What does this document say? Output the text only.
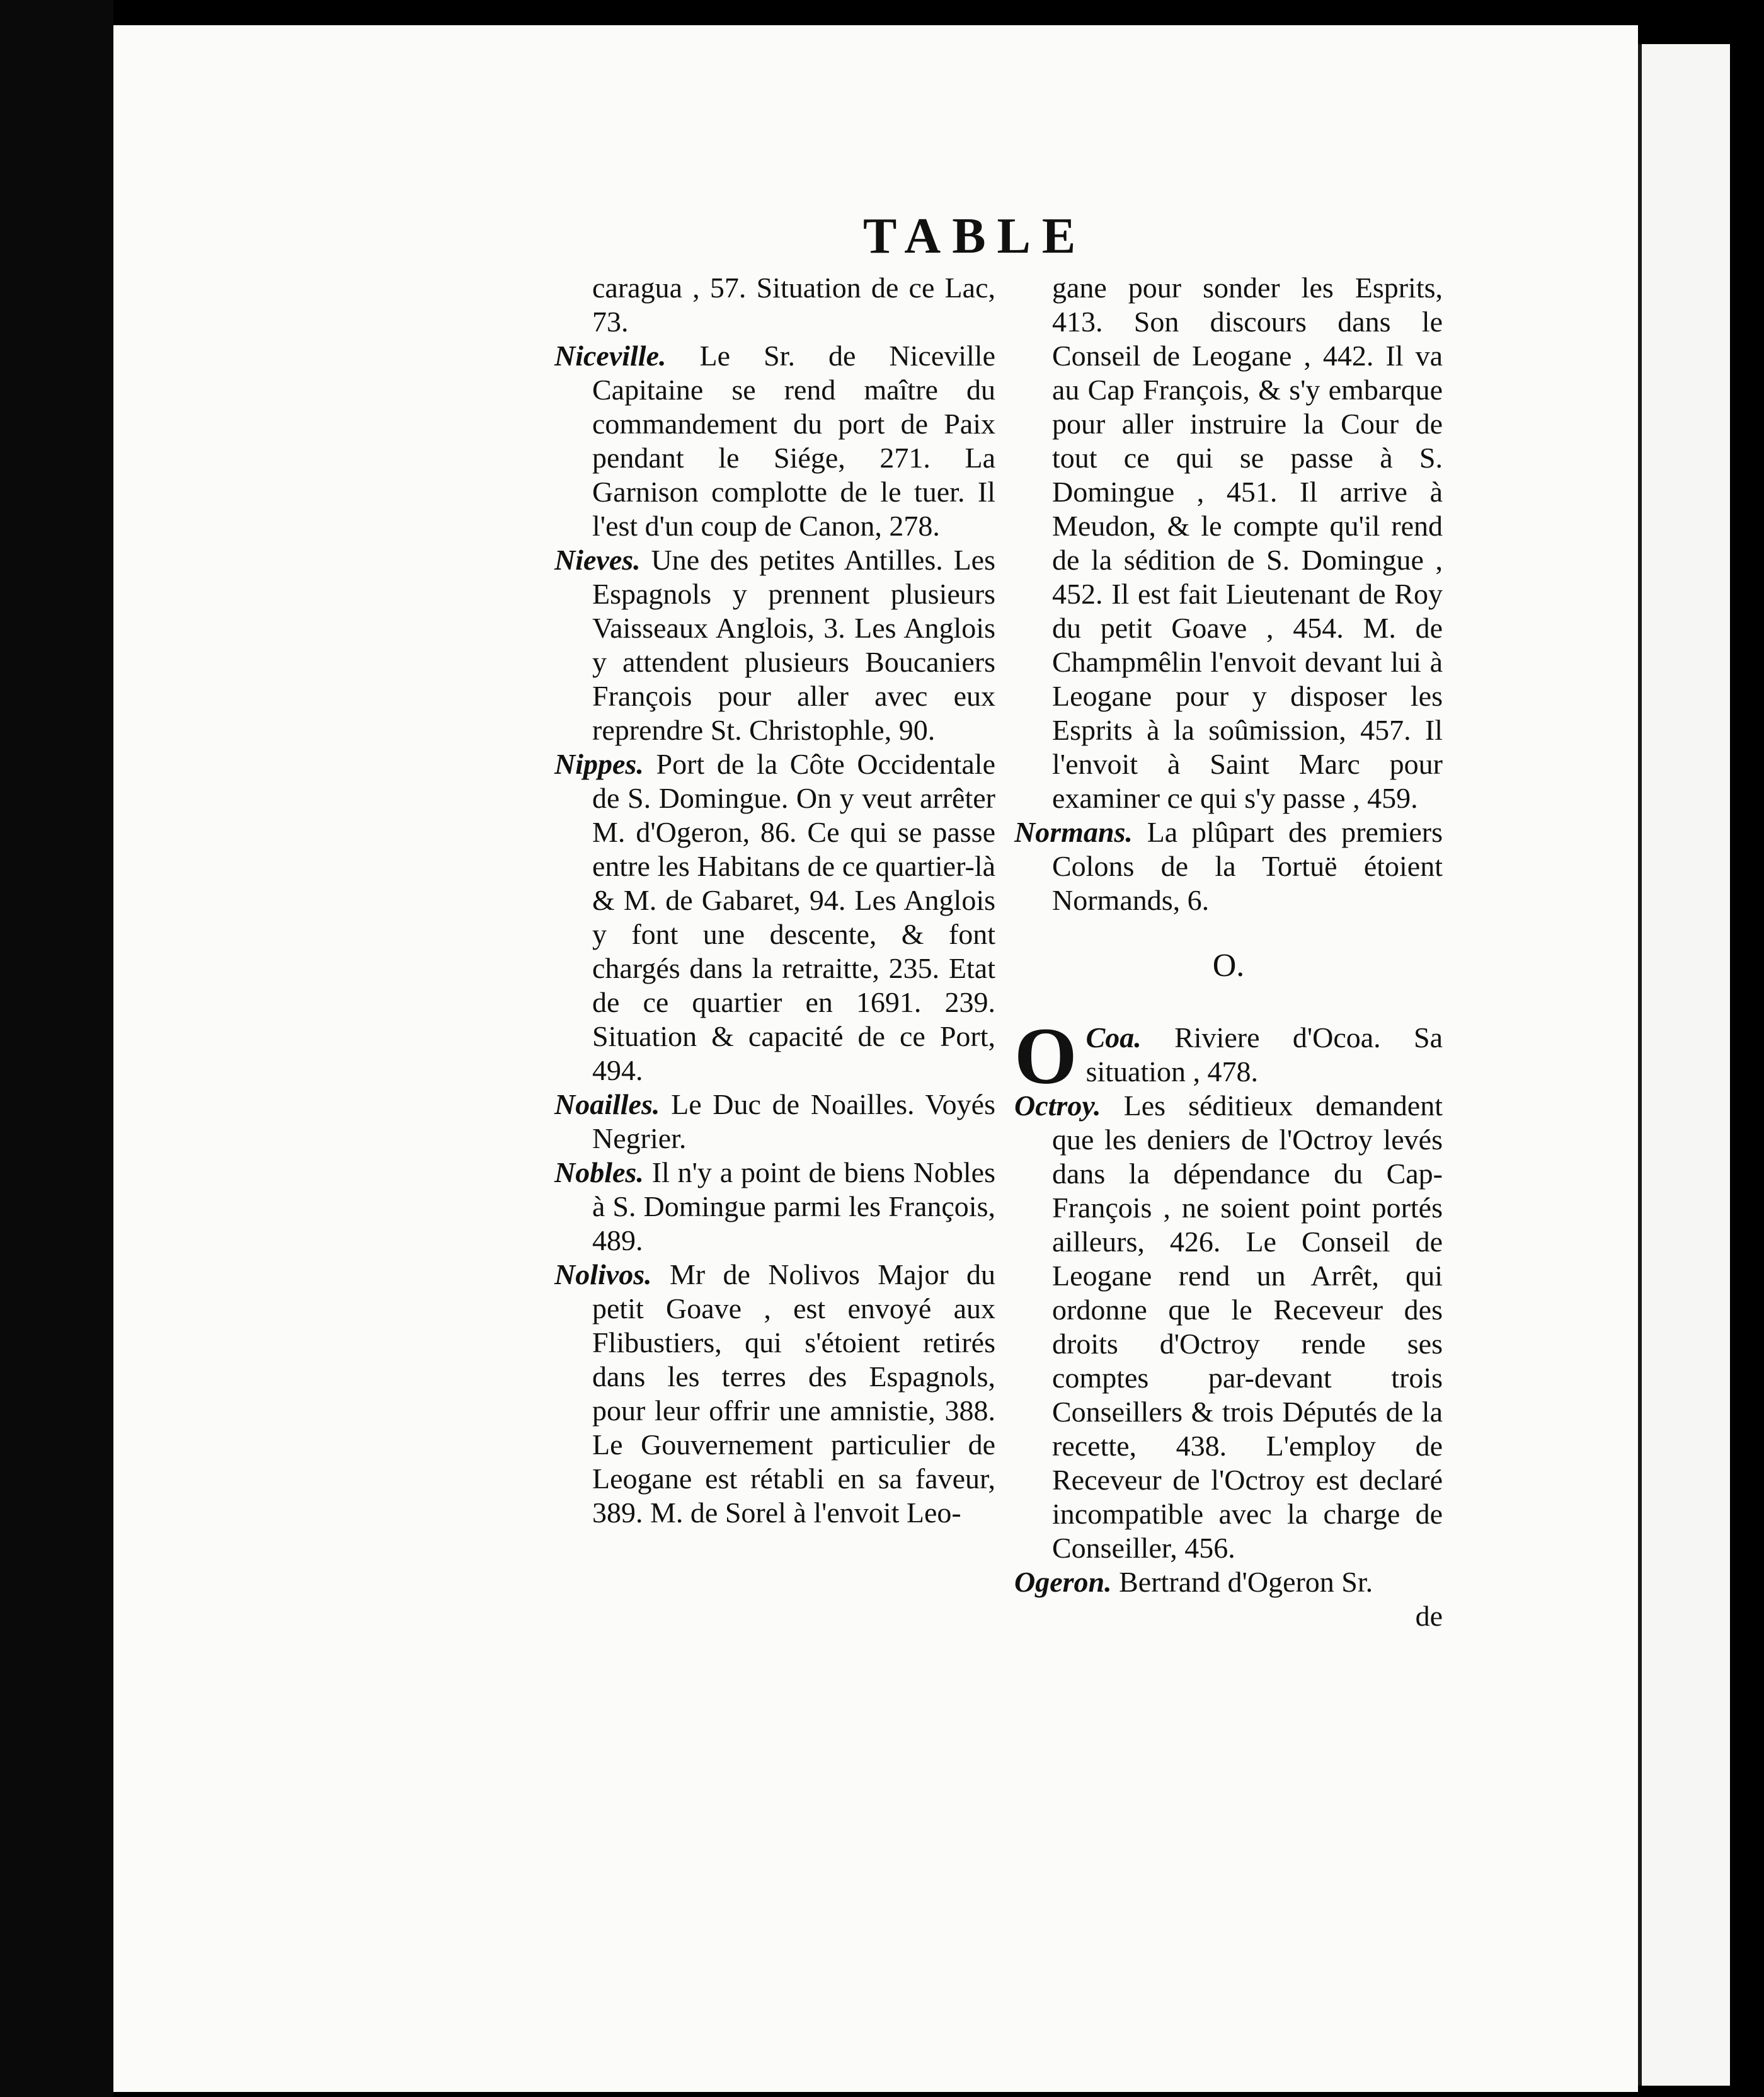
TABLE

caragua , 57. Situation de ce Lac, 73.

Niceville. Le Sr. de Niceville Capitaine se rend maître du commandement du port de Paix pendant le Siége, 271. La Garnison complotte de le tuer. Il l'est d'un coup de Canon, 278.

Nieves. Une des petites Antilles. Les Espagnols y prennent plusieurs Vaisseaux Anglois, 3. Les Anglois y attendent plusieurs Boucaniers François pour aller avec eux reprendre St. Christophle, 90.

Nippes. Port de la Côte Occidentale de S. Domingue. On y veut arrêter M. d'Ogeron, 86. Ce qui se passe entre les Habitans de ce quartier-là & M. de Gabaret, 94. Les Anglois y font une descente, & font chargés dans la retraitte, 235. Etat de ce quartier en 1691. 239. Situation & capacité de ce Port, 494.

Noailles. Le Duc de Noailles. Voyés Negrier.

Nobles. Il n'y a point de biens Nobles à S. Domingue parmi les François, 489.

Nolivos. Mr de Nolivos Major du petit Goave , est envoyé aux Flibustiers, qui s'étoient retirés dans les terres des Espagnols, pour leur offrir une amnistie, 388. Le Gouvernement particulier de Leogane est rétabli en sa faveur, 389. M. de Sorel à l'envoit Leo-

gane pour sonder les Esprits, 413. Son discours dans le Conseil de Leogane , 442. Il va au Cap François, & s'y embarque pour aller instruire la Cour de tout ce qui se passe à S. Domingue , 451. Il arrive à Meudon, & le compte qu'il rend de la sédition de S. Domingue , 452. Il est fait Lieutenant de Roy du petit Goave , 454. M. de Champmêlin l'envoit devant lui à Leogane pour y disposer les Esprits à la soûmission, 457. Il l'envoit à Saint Marc pour examiner ce qui s'y passe , 459.

Normans. La plûpart des premiers Colons de la Tortuë étoient Normands, 6.

O.

O Coa. Riviere d'Ocoa. Sa situation , 478.

Octroy. Les séditieux demandent que les deniers de l'Octroy levés dans la dépendance du Cap-François , ne soient point portés ailleurs, 426. Le Conseil de Leogane rend un Arrêt, qui ordonne que le Receveur des droits d'Octroy rende ses comptes par-devant trois Conseillers & trois Députés de la recette, 438. L'employ de Receveur de l'Octroy est declaré incompatible avec la charge de Conseiller, 456.

Ogeron. Bertrand d'Ogeron Sr.

de
